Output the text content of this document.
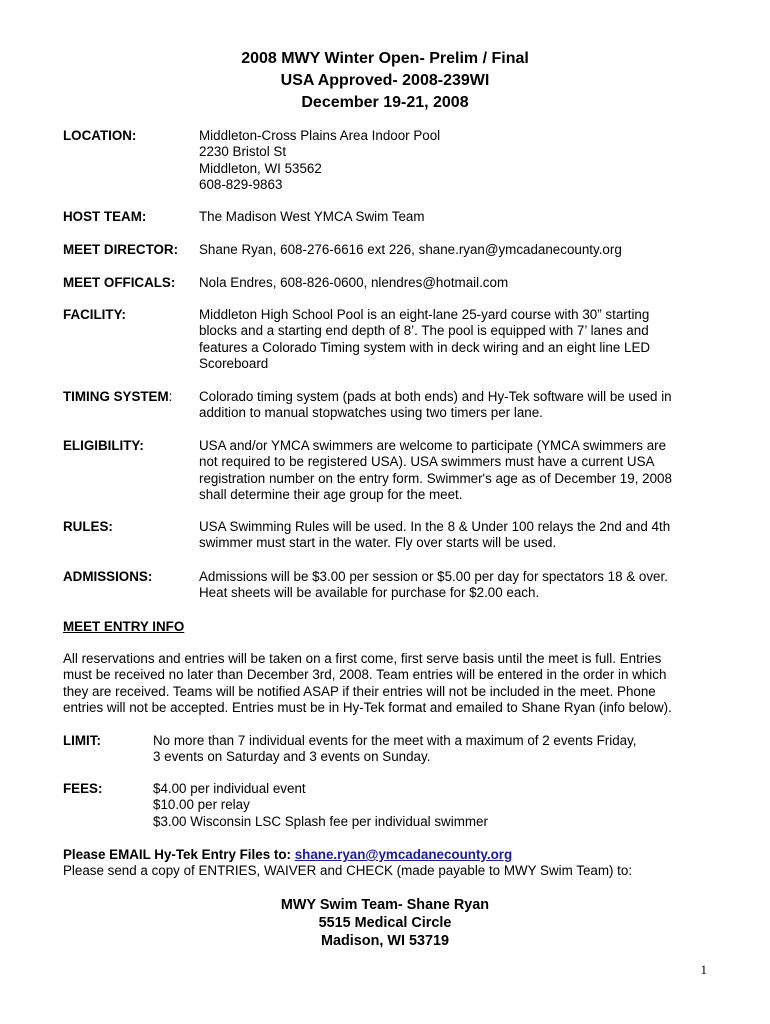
2008 MWY Winter Open- Prelim / Final
USA Approved- 2008-239WI
December 19-21, 2008
LOCATION:	Middleton-Cross Plains Area Indoor Pool
2230 Bristol St
Middleton, WI 53562
608-829-9863
HOST TEAM:	The Madison West YMCA Swim Team
MEET DIRECTOR: Shane Ryan, 608-276-6616 ext 226, shane.ryan@ymcadanecounty.org
MEET OFFICALS: Nola Endres, 608-826-0600, nlendres@hotmail.com
FACILITY:	Middleton High School Pool is an eight-lane 25-yard course with 30” starting
blocks and a starting end depth of 8’. The pool is equipped with 7’ lanes and
features a Colorado Timing system with in deck wiring and an eight line LED
Scoreboard
TIMING SYSTEM: Colorado timing system (pads at both ends) and Hy-Tek software will be used in
addition to manual stopwatches using two timers per lane.
ELIGIBILITY:	USA and/or YMCA swimmers are welcome to participate (YMCA swimmers are
not required to be registered USA). USA swimmers must have a current USA
registration number on the entry form. Swimmer's age as of December 19, 2008
shall determine their age group for the meet.
RULES:	USA Swimming Rules will be used. In the 8 & Under 100 relays the 2nd and 4th
swimmer must start in the water. Fly over starts will be used.
ADMISSIONS:	Admissions will be $3.00 per session or $5.00 per day for spectators 18 & over.
Heat sheets will be available for purchase for $2.00 each.
MEET ENTRY INFO
All reservations and entries will be taken on a first come, first serve basis until the meet is full. Entries
must be received no later than December 3rd, 2008. Team entries will be entered in the order in which
they are received. Teams will be notified ASAP if their entries will not be included in the meet. Phone
entries will not be accepted. Entries must be in Hy-Tek format and emailed to Shane Ryan (info below).
LIMIT:	No more than 7 individual events for the meet with a maximum of 2 events Friday,
3 events on Saturday and 3 events on Sunday.
FEES:	$4.00 per individual event
$10.00 per relay
$3.00 Wisconsin LSC Splash fee per individual swimmer
Please EMAIL Hy-Tek Entry Files to: shane.ryan@ymcadanecounty.org
Please send a copy of ENTRIES, WAIVER and CHECK (made payable to MWY Swim Team) to:
MWY Swim Team- Shane Ryan
5515 Medical Circle
Madison, WI 53719
1
